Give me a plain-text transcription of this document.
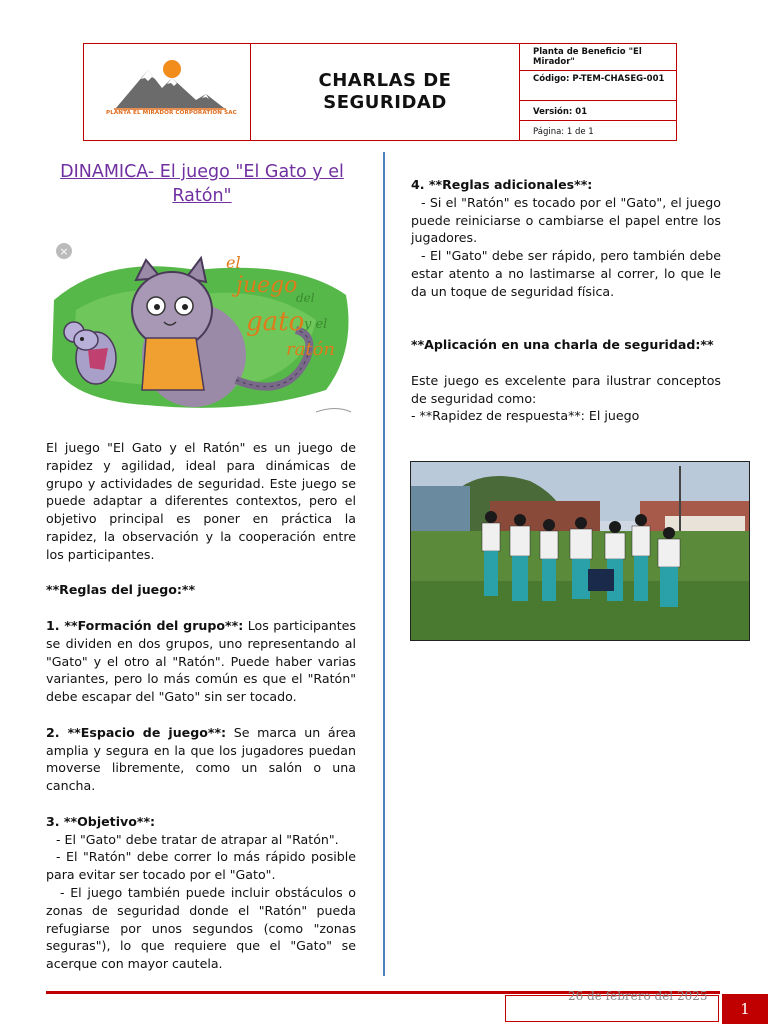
PLANTA EL MIRADOR CORPORATION SAC
CHARLAS DE
SEGURIDAD
Planta de Beneficio "El Mirador"
Código: P-TEM-CHASEG-001
Versión: 01
Página: 1 de 1
DINAMICA- El juego "El Gato y el Ratón"
×
el
juego
del
gato y el
ratón

El juego "El Gato y el Ratón" es un juego de rapidez y agilidad, ideal para dinámicas de grupo y actividades de seguridad. Este juego se puede adaptar a diferentes contextos, pero el objetivo principal es poner en práctica la rapidez, la observación y la cooperación entre los participantes.

**Reglas del juego:**

1. **Formación del grupo**: Los participantes se dividen en dos grupos, uno representando al "Gato" y el otro al "Ratón". Puede haber varias variantes, pero lo más común es que el "Ratón" debe escapar del "Gato" sin ser tocado.

2. **Espacio de juego**: Se marca un área amplia y segura en la que los jugadores puedan moverse libremente, como un salón o una cancha.

3. **Objetivo**:

- El "Gato" debe tratar de atrapar al "Ratón".

- El "Ratón" debe correr lo más rápido posible para evitar ser tocado por el "Gato".

- El juego también puede incluir obstáculos o zonas de seguridad donde el "Ratón" pueda refugiarse por unos segundos (como "zonas seguras"), lo que requiere que el "Gato" se acerque con mayor cautela.

4. **Reglas adicionales**:

- Si el "Ratón" es tocado por el "Gato", el juego puede reiniciarse o cambiarse el papel entre los jugadores.

- El "Gato" debe ser rápido, pero también debe estar atento a no lastimarse al correr, lo que le da un toque de seguridad física.

**Aplicación en una charla de seguridad:**

Este juego es excelente para ilustrar conceptos de seguridad como:

- **Rapidez de respuesta**: El juego

26 de febrero del 2025
1
